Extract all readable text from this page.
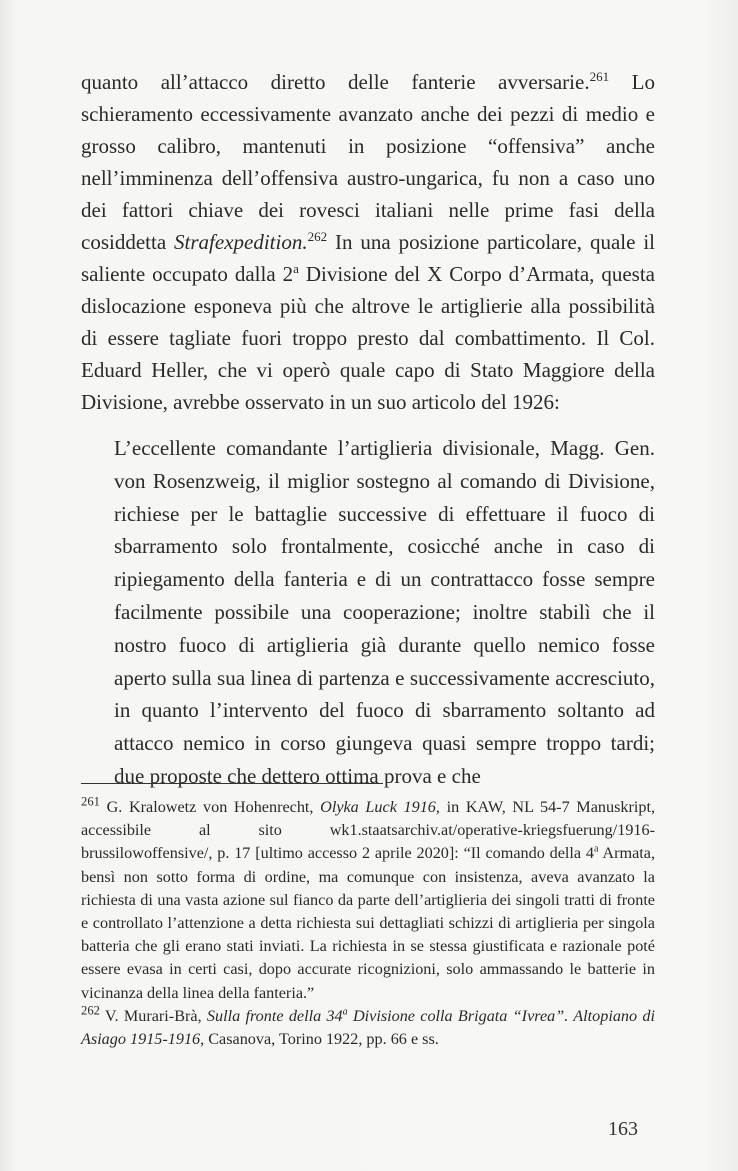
quanto all’attacco diretto delle fanterie avversarie.$^{261}$ Lo schieramento eccessivamente avanzato anche dei pezzi di medio e grosso calibro, mantenuti in posizione “offensiva” anche nell’imminenza dell’offensiva austro-ungarica, fu non a caso uno dei fattori chiave dei rovesci italiani nelle prime fasi della cosiddetta Strafexpedition.$^{262}$ In una posizione particolare, quale il saliente occupato dalla 2$^a$ Divisione del X Corpo d’Armata, questa dislocazione esponeva più che altrove le artiglierie alla possibilità di essere tagliate fuori troppo presto dal combattimento. Il Col. Eduard Heller, che vi operò quale capo di Stato Maggiore della Divisione, avrebbe osservato in un suo articolo del 1926:

L’eccellente comandante l’artiglieria divisionale, Magg. Gen. von Rosenzweig, il miglior sostegno al comando di Divisione, richiese per le battaglie successive di effettuare il fuoco di sbarramento solo frontalmente, cosicché anche in caso di ripiegamento della fanteria e di un contrattacco fosse sempre facilmente possibile una cooperazione; inoltre stabilì che il nostro fuoco di artiglieria già durante quello nemico fosse aperto sulla sua linea di partenza e successivamente accresciuto, in quanto l’intervento del fuoco di sbarramento soltanto ad attacco nemico in corso giungeva quasi sempre troppo tardi; due proposte che dettero ottima prova e che

$^{261}$ G. Kralowetz von Hohenrecht, Olyka Luck 1916, in KAW, NL 54-7 Manuskript, accessibile al sito wk1.staatsarchiv.at/operative-kriegsfuerung/1916-brussilowoffensive/, p. 17 [ultimo accesso 2 aprile 2020]: “Il comando della 4$^a$ Armata, bensì non sotto forma di ordine, ma comunque con insistenza, aveva avanzato la richiesta di una vasta azione sul fianco da parte dell’artiglieria dei singoli tratti di fronte e controllato l’attenzione a detta richiesta sui dettagliati schizzi di artiglieria per singola batteria che gli erano stati inviati. La richiesta in se stessa giustificata e razionale poté essere evasa in certi casi, dopo accurate ricognizioni, solo ammassando le batterie in vicinanza della linea della fanteria.”

$^{262}$ V. Murari-Brà, Sulla fronte della 34$^a$ Divisione colla Brigata “Ivrea”. Altopiano di Asiago 1915-1916, Casanova, Torino 1922, pp. 66 e ss.

163
